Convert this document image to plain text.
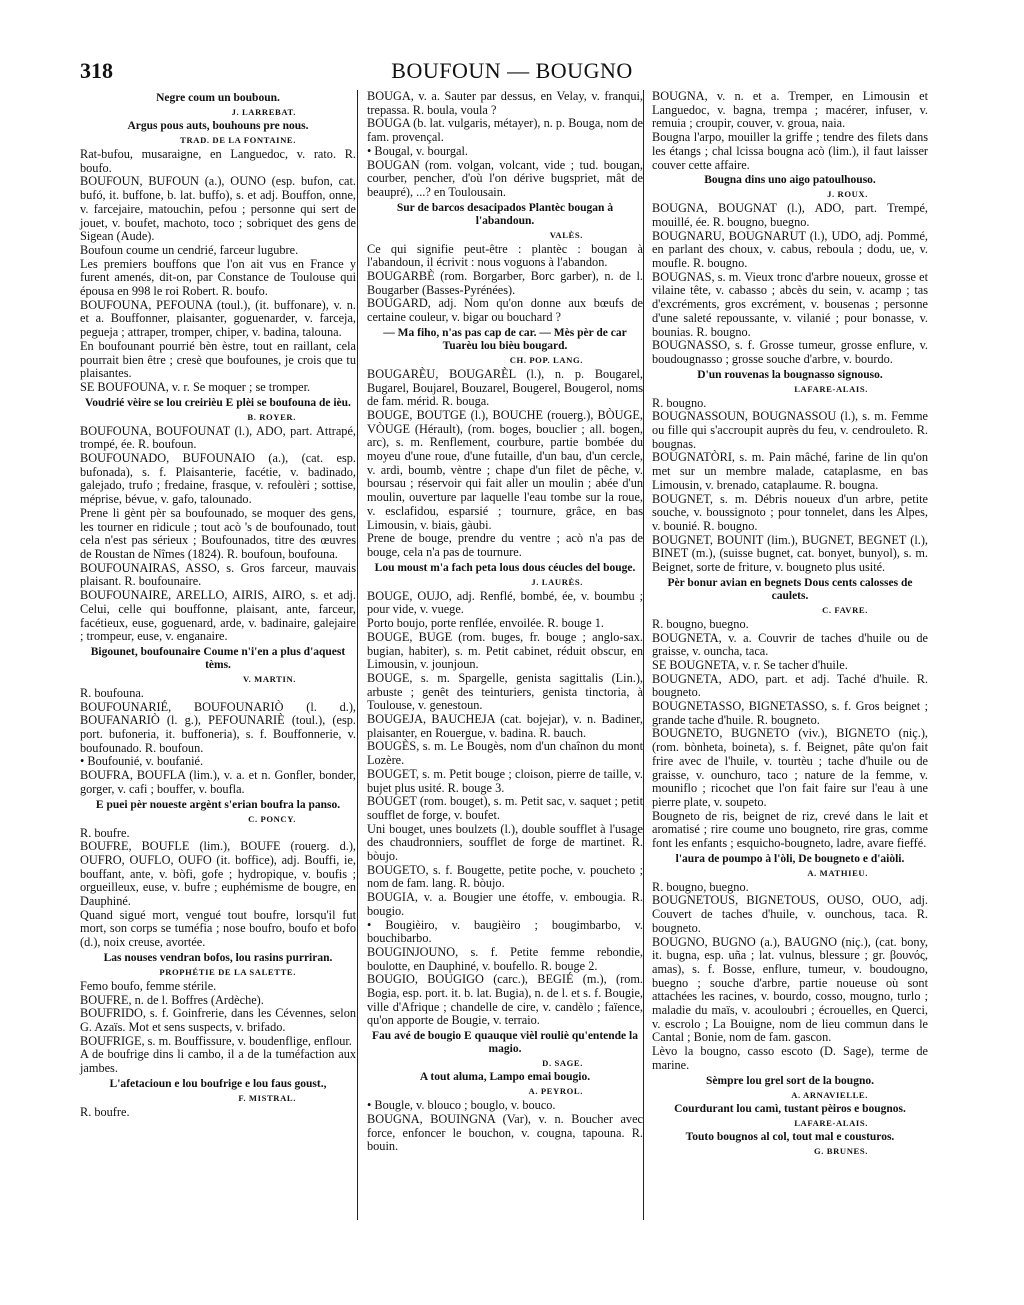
318	BOUFOUN — BOUGNO
Negre coum un bouboun.
J. LARREBAT.
Argus pous auts, bouhouns pre nous.
TRAD. DE LA FONTAINE.
Rat-bufou, musaraigne, en Languedoc, v. rato. R. boufo.
BOUFOUN, BUFOUN (a.), OUNO (esp. bufon, cat. bufó, it. buffone, b. lat. buffo), s. et adj. Bouffon, onne, v. farcejaire, matouchin, pefou ; personne qui sert de jouet, v. boufet, machoto, toco ; sobriquet des gens de Sigean (Aude).
Boufoun coume un cendrié, farceur lugubre.
Les premiers bouffons que l'on ait vus en France y furent amenés, dit-on, par Constance de Toulouse qui épousa en 998 le roi Robert. R. boufo.
BOUFOUNA, PEFOUNA (toul.), (it. buffonare), v. n. et a. Bouffonner, plaisanter, goguenarder, v. farceja, pegueja ; attraper, tromper, chiper, v. badina, talouna.
En boufounant pourrié bèn èstre, tout en raillant, cela pourrait bien être ; cresè que boufounes, je crois que tu plaisantes.
SE BOUFOUNA, v. r. Se moquer ; se tromper.
Voudrié vèire se lou creirièu E plèi se boufouna de ièu.
B. ROYER.
BOUFOUNA, BOUFOUNAT (l.), ADO, part. Attrapé, trompé, ée. R. boufoun.
BOUFOUNADO, BUFOUNAIO (a.), (cat. esp. bufonada), s. f. Plaisanterie, facétie, v. badinado, galejado, trufo ; fredaine, frasque, v. refoulèri ; sottise, méprise, bévue, v. gafo, talounado.
Prene li gènt pèr sa boufounado, se moquer des gens, les tourner en ridicule ; tout acò 's de boufounado, tout cela n'est pas sérieux ; Boufounados, titre des œuvres de Roustan de Nîmes (1824). R. boufoun, boufouna.
BOUFOUNAIRAS, ASSO, s. Gros farceur, mauvais plaisant. R. boufounaire.
BOUFOUNAIRE, ARELLO, AIRIS, AIRO, s. et adj. Celui, celle qui bouffonne, plaisant, ante, farceur, facétieux, euse, goguenard, arde, v. badinaire, galejaire ; trompeur, euse, v. enganaire.
Bigounet, boufounaire Coume n'i'en a plus d'aquest tèms.
V. MARTIN.
R. boufouna.
BOUFOUNARIÉ, BOUFOUNARIÒ (l. d.), BOUFANARIÒ (l. g.), PEFOUNARIÈ (toul.), (esp. port. bufoneria, it. buffoneria), s. f. Bouffonnerie, v. boufounado. R. boufoun.
• Boufounié, v. boufanié.
BOUFRA, BOUFLA (lim.), v. a. et n. Gonfler, bonder, gorger, v. cafi ; bouffer, v. boufla.
E puei pèr noueste argènt s'erian boufra la panso.
C. PONCY.
R. boufre.
BOUFRE, BOUFLE (lim.), BOUFE (rouerg. d.), OUFRO, OUFLO, OUFO (it. boffice), adj. Bouffi, ie, bouffant, ante, v. bòfi, gofe ; hydropique, v. boufis ; orgueilleux, euse, v. bufre ; euphémisme de bougre, en Dauphiné.
Quand sigué mort, vengué tout boufre, lorsqu'il fut mort, son corps se tuméfia ; nose boufro, boufo et bofo (d.), noix creuse, avortée.
Las nouses vendran bofos, lou rasins purriran.
PROPHÉTIE DE LA SALETTE.
Femo boufo, femme stérile.
BOUFRE, n. de l. Boffres (Ardèche).
BOUFRIDO, s. f. Goinfrerie, dans les Cévennes, selon G. Azaïs. Mot et sens suspects, v. brifado.
BOUFRIGE, s. m. Bouffissure, v. boudenflige, enflour.
A de boufrige dins li cambo, il a de la tuméfaction aux jambes.
L'afetacioun e lou boufrige e lou faus goust.,
F. MISTRAL.
R. boufre.
BOUGA, v. a. Sauter par dessus, en Velay, v. franqui, trepassa. R. boula, voula ?
BOUGA (b. lat. vulgaris, métayer), n. p. Bouga, nom de fam. provençal.
• Bougal, v. bourgal.
BOUGAN (rom. volgan, volcant, vide ; tud. bougan, courber, pencher, d'où l'on dérive bugspriet, mât de beaupré), ...? en Toulousain.
Sur de barcos desacipados Plantèc bougan à l'abandoun.
VALÈS.
Ce qui signifie peut-être : plantèc : bougan à l'abandoun, il écrivit : nous voguons à l'abandon.
BOUGARBÈ (rom. Borgarber, Borc garber), n. de l. Bougarber (Basses-Pyrénées).
BOUGARD, adj. Nom qu'on donne aux bœufs de certaine couleur, v. bigar ou bouchard ?
— Ma fiho, n'as pas cap de car. — Mès pèr de car Tuarèu lou bièu bougard.
CH. POP. LANG.
BOUGARÈU, BOUGARÈL (l.), n. p. Bougarel, Bugarel, Boujarel, Bouzarel, Bougerel, Bougerol, noms de fam. mérid. R. bouga.
BOUGE, BOUTGE (l.), BOUCHE (rouerg.), BÒUGE, VÒUGE (Hérault), (rom. boges, bouclier ; all. bogen, arc), s. m. Renflement, courbure, partie bombée du moyeu d'une roue, d'une futaille, d'un bau, d'un cercle, v. ardi, boumb, vèntre ; chape d'un filet de pêche, v. boursau ; réservoir qui fait aller un moulin ; abée d'un moulin, ouverture par laquelle l'eau tombe sur la roue, v. esclafidou, esparsié ; tournure, grâce, en bas Limousin, v. biais, gàubi.
Prene de bouge, prendre du ventre ; acò n'a pas de bouge, cela n'a pas de tournure.
Lou moust m'a fach peta lous dous céucles del bouge.
J. LAURÈS.
BOUGE, OUJO, adj. Renflé, bombé, ée, v. boumbu ; pour vide, v. vuege.
Porto boujo, porte renflée, envoilée. R. bouge 1.
BOUGE, BUGE (rom. buges, fr. bouge ; anglo-sax. bugian, habiter), s. m. Petit cabinet, réduit obscur, en Limousin, v. jounjoun.
BOUGE, s. m. Spargelle, genista sagittalis (Lin.), arbuste ; genêt des teinturiers, genista tinctoria, à Toulouse, v. genestoun.
BOUGEJA, BAUCHEJA (cat. bojejar), v. n. Badiner, plaisanter, en Rouergue, v. badina. R. bauch.
BOUGÈS, s. m. Le Bougès, nom d'un chaînon du mont Lozère.
BOUGET, s. m. Petit bouge ; cloison, pierre de taille, v. bujet plus usité. R. bouge 3.
BOUGET (rom. bouget), s. m. Petit sac, v. saquet ; petit soufflet de forge, v. boufet.
Uni bouget, unes boulzets (l.), double soufflet à l'usage des chaudronniers, soufflet de forge de martinet. R. bòujo.
BOUGETO, s. f. Bougette, petite poche, v. poucheto ; nom de fam. lang. R. bòujo.
BOUGIA, v. a. Bougier une étoffe, v. embougia. R. bougio.
• Bougièiro, v. baugièiro ; bougimbarbo, v. bouchibarbo.
BOUGINJOUNO, s. f. Petite femme rebondie, boulotte, en Dauphiné, v. boufello. R. bouge 2.
BOUGIO, BOUGIGO (carc.), BEGIÉ (m.), (rom. Bogia, esp. port. it. b. lat. Bugia), n. de l. et s. f. Bougie, ville d'Afrique ; chandelle de cire, v. candèlo ; faïence, qu'on apporte de Bougie, v. terraio.
Fau avé de bougio E quauque vièl rouliè qu'entende la magio.
D. SAGE.
A tout aluma, Lampo emai bougio.
A. PEYROL.
• Bougle, v. blouco ; bouglo, v. bouco.
BOUGNA, BOUINGNA (Var), v. n. Boucher avec force, enfoncer le bouchon, v. cougna, tapouna. R. bouin.
BOUGNA, v. n. et a. Tremper, en Limousin et Languedoc, v. bagna, trempa ; macérer, infuser, v. remuia ; croupir, couver, v. groua, naia.
Bougna l'arpo, mouiller la griffe ; tendre des filets dans les étangs ; chal lcissa bougna acò (lim.), il faut laisser couver cette affaire.
Bougna dins uno aigo patoulhouso.
J. ROUX.
BOUGNA, BOUGNAT (l.), ADO, part. Trempé, mouillé, ée. R. bougno, buegno.
BOUGNARU, BOUGNARUT (l.), UDO, adj. Pommé, en parlant des choux, v. cabus, reboula ; dodu, ue, v. moufle. R. bougno.
BOUGNAS, s. m. Vieux tronc d'arbre noueux, grosse et vilaine tête, v. cabasso ; abcès du sein, v. acamp ; tas d'excréments, gros excrément, v. bousenas ; personne d'une saleté repoussante, v. vilanié ; pour bonasse, v. bounias. R. bougno.
BOUGNASSO, s. f. Grosse tumeur, grosse enflure, v. boudougnasso ; grosse souche d'arbre, v. bourdo.
D'un rouvenas la bougnasso signousо.
LAFARE-ALAIS.
R. bougno.
BOUGNASSOUN, BOUGNASSOU (l.), s. m. Femme ou fille qui s'accroupit auprès du feu, v. cendrouleto. R. bougnas.
BOUGNATÒRI, s. m. Pain mâché, farine de lin qu'on met sur un membre malade, cataplasme, en bas Limousin, v. brenado, cataplaume. R. bougna.
BOUGNET, s. m. Débris noueux d'un arbre, petite souche, v. boussignoto ; pour tonnelet, dans les Alpes, v. bounié. R. bougno.
BOUGNET, BOUNIT (lim.), BUGNET, BEGNET (l.), BINET (m.), (suisse bugnet, cat. bonyet, bunyol), s. m. Beignet, sorte de friture, v. bougneto plus usité.
Pèr bonur avian en begnets Dous cents calosses de caulets.
C. FAVRE.
R. bougno, buegno.
BOUGNETA, v. a. Couvrir de taches d'huile ou de graisse, v. ouncha, taca.
SE BOUGNETA, v. r. Se tacher d'huile.
BOUGNETA, ADO, part. et adj. Taché d'huile. R. bougneto.
BOUGNETASSO, BIGNETASSO, s. f. Gros beignet ; grande tache d'huile. R. bougneto.
BOUGNETO, BUGNETO (viv.), BIGNETO (niç.), (rom. bònheta, boineta), s. f. Beignet, pâte qu'on fait frire avec de l'huile, v. tourtèu ; tache d'huile ou de graisse, v. ounchuro, taco ; nature de la femme, v. mouniflo ; ricochet que l'on fait faire sur l'eau à une pierre plate, v. soupeto.
Bougneto de ris, beignet de riz, crevé dans le lait et aromatisé ; rire coume uno bougneto, rire gras, comme font les enfants ; esquicho-bougneto, ladre, avare fieffé.
l'aura de poumpo à l'òli, De bougneto e d'aiòli.
A. MATHIEU.
R. bougno, buegno.
BOUGNETOUS, BIGNETOUS, OUSO, OUO, adj. Couvert de taches d'huile, v. ounchous, taca. R. bougneto.
BOUGNO, BUGNO (a.), BAUGNO (niç.), (cat. bony, it. bugna, esp. uña ; lat. vulnus, blessure ; gr. βουνός, amas), s. f. Bosse, enflure, tumeur, v. boudougno, buegno ; souche d'arbre, partie noueuse où sont attachées les racines, v. bourdo, cosso, mougno, turlo ; maladie du maïs, v. acouloubri ; écrouelles, en Querci, v. escrolo ; La Bouigne, nom de lieu commun dans le Cantal ; Bonie, nom de fam. gascon.
Lèvo la bougno, casso escoto (D. Sage), terme de marine.
Sèmpre lou grel sort de la bougno.
A. ARNAVIELLE.
Courdurant lou camì, tustant pèiros e bougnos.
LAFARE-ALAIS.
Touto bougnos al col, tout mal e cousturos.
G. BRUNES.
